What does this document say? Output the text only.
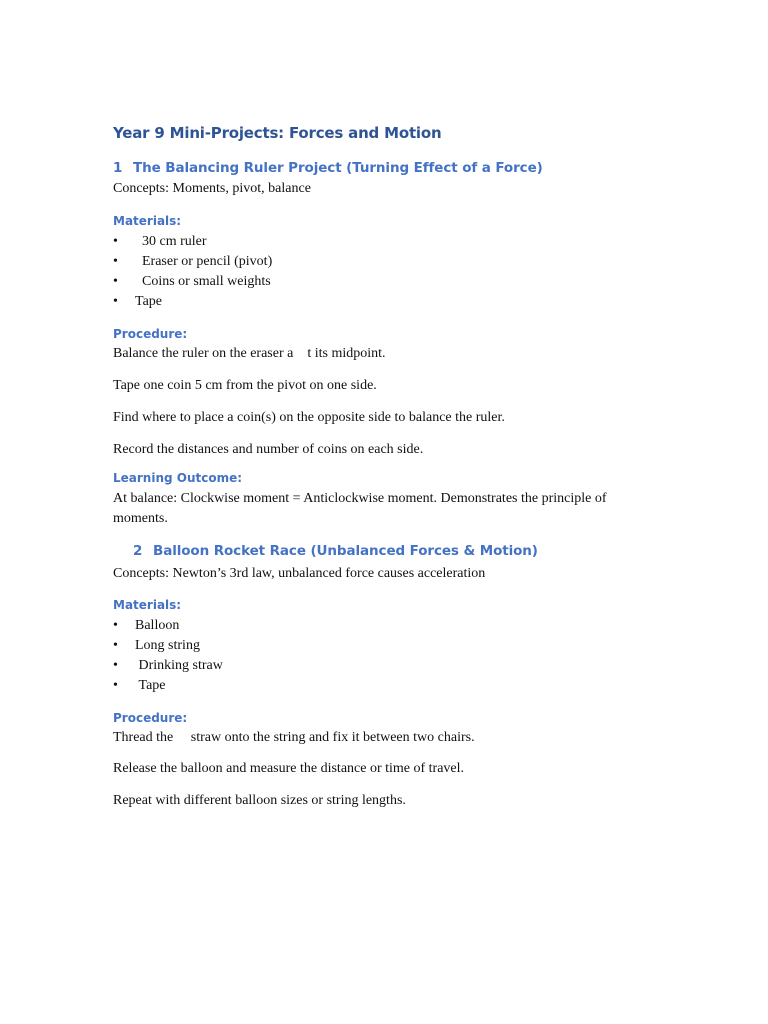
Year 9 Mini-Projects: Forces and Motion
1 The Balancing Ruler Project (Turning Effect of a Force)
Concepts: Moments, pivot, balance
Materials:
•  30 cm ruler
•  Eraser or pencil (pivot)
•  Coins or small weights
• Tape
Procedure:
Balance the ruler on the eraser a    t its midpoint.
Tape one coin 5 cm from the pivot on one side.
Find where to place a coin(s) on the opposite side to balance the ruler.
Record the distances and number of coins on each side.
Learning Outcome:
At balance: Clockwise moment = Anticlockwise moment. Demonstrates the principle of moments.
2 Balloon Rocket Race (Unbalanced Forces & Motion)
Concepts: Newton’s 3rd law, unbalanced force causes acceleration
Materials:
• Balloon
• Long string
• Drinking straw
• Tape
Procedure:
Thread the     straw onto the string and fix it between two chairs.
Release the balloon and measure the distance or time of travel.
Repeat with different balloon sizes or string lengths.
